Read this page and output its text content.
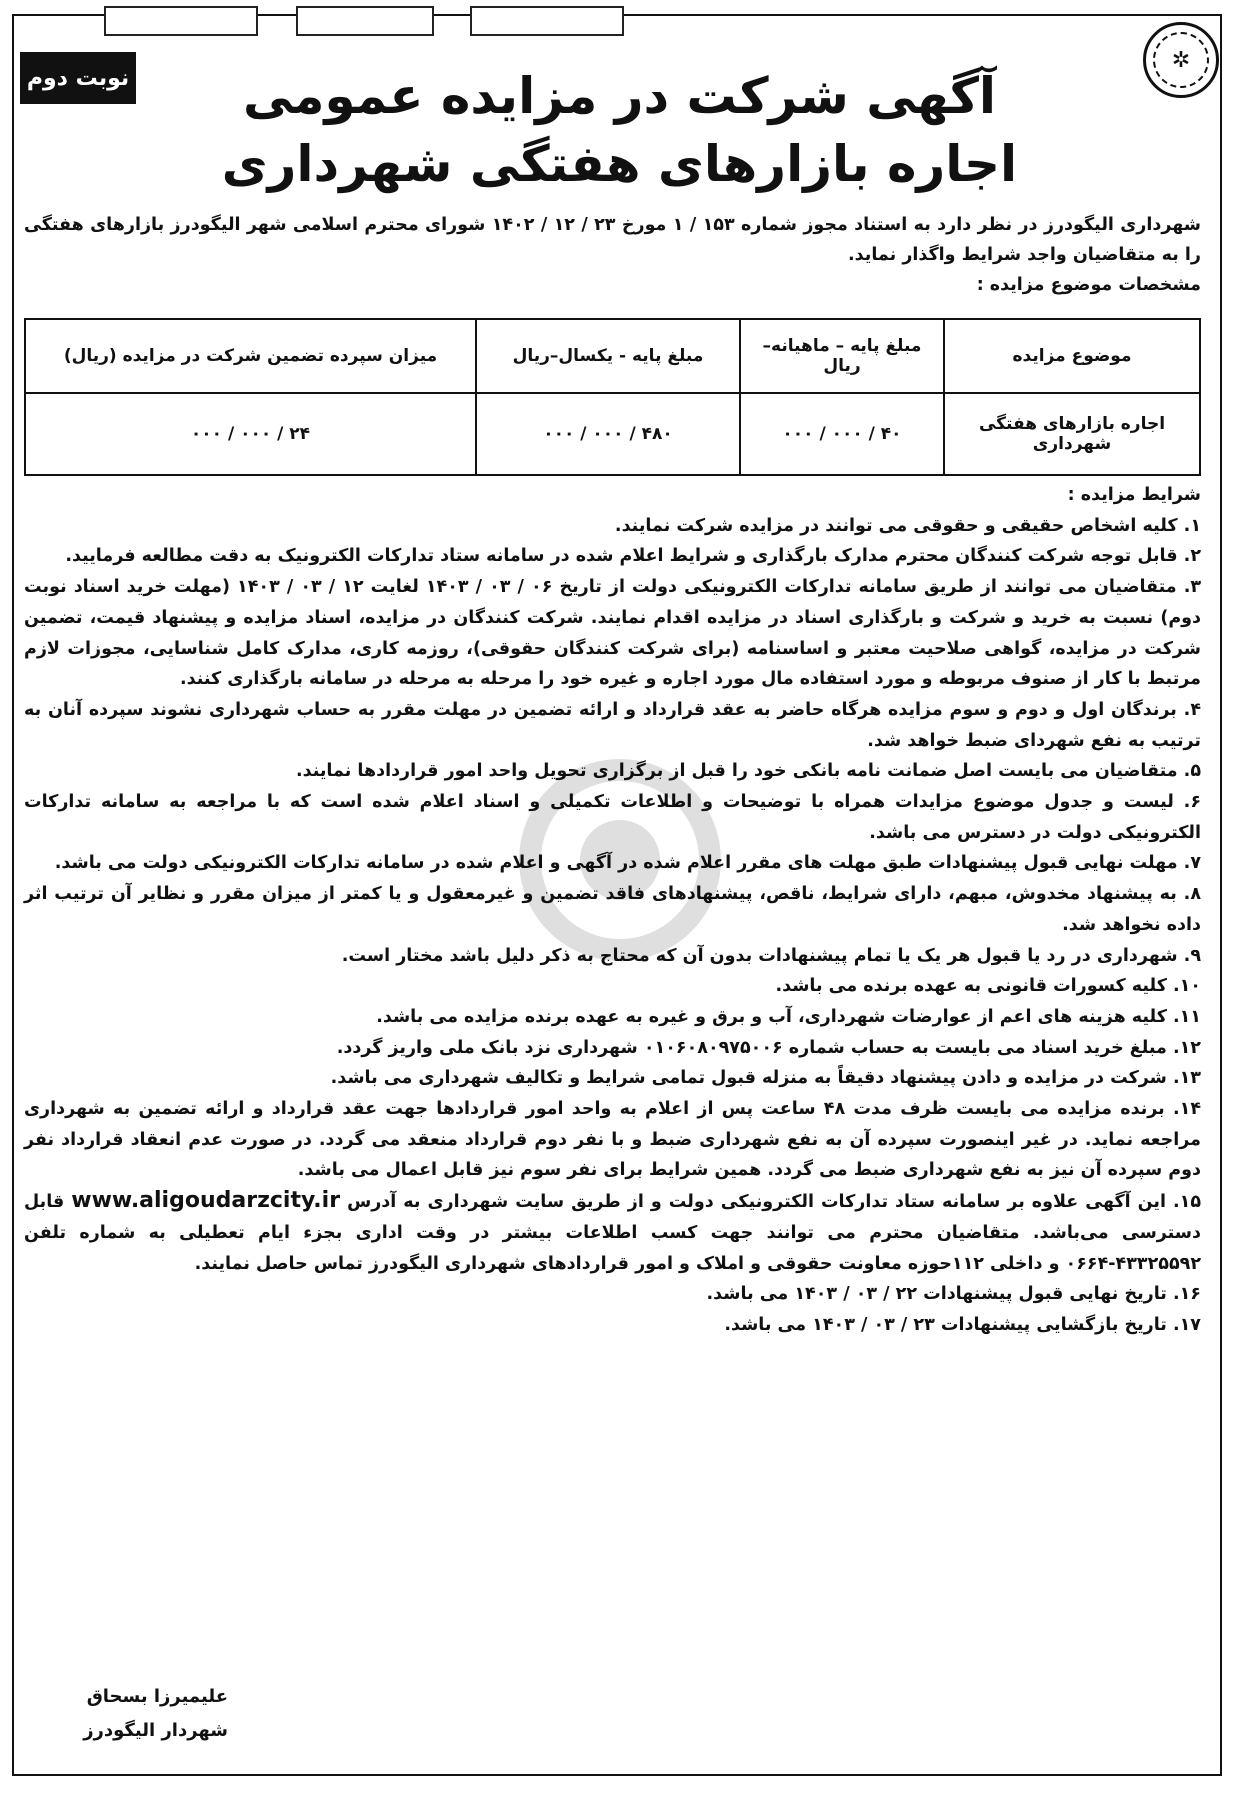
✲
نوبت دوم	آگهی شرکت در مزایده عمومی
اجاره بازارهای هفتگی شهرداری

شهرداری الیگودرز در نظر دارد به استناد مجوز شماره ۱۵۳ / ۱ مورخ ۲۳ / ۱۲ / ۱۴۰۲ شورای محترم اسلامی شهر الیگودرز بازارهای هفتگی را به متقاضیان واجد شرایط واگذار نماید.

مشخصات موضوع مزایده :

موضوع مزایده	مبلغ پایه – ماهیانه– ریال	مبلغ پایه - یکسال–ریال	میزان سپرده تضمین شرکت در مزایده (ریال)
اجاره بازارهای هفتگی شهرداری	۴۰ / ۰۰۰ / ۰۰۰	۴۸۰ / ۰۰۰ / ۰۰۰	۲۴ / ۰۰۰ / ۰۰۰

شرایط مزایده :

۱. کلیه اشخاص حقیقی و حقوقی می توانند در مزایده شرکت نمایند.

۲. قابل توجه شرکت کنندگان محترم مدارک بارگذاری و شرایط اعلام شده در سامانه ستاد تدارکات الکترونیک به دقت مطالعه فرمایید.

۳. متقاضیان می توانند از طریق سامانه تدارکات الکترونیکی دولت از تاریخ ۰۶ / ۰۳ / ۱۴۰۳ لغایت ۱۲ / ۰۳ / ۱۴۰۳ (مهلت خرید اسناد نوبت دوم) نسبت به خرید و شرکت و بارگذاری اسناد در مزایده اقدام نمایند. شرکت کنندگان در مزایده، اسناد مزایده و پیشنهاد قیمت، تضمین شرکت در مزایده، گواهی صلاحیت معتبر و اساسنامه (برای شرکت کنندگان حقوقی)، روزمه کاری، مدارک کامل شناسایی، مجوزات لازم مرتبط با کار از صنوف مربوطه و مورد استفاده مال مورد اجاره و غیره خود را مرحله به مرحله در سامانه بارگذاری کنند.

۴. برندگان اول و دوم و سوم مزایده هرگاه حاضر به عقد قرارداد و ارائه تضمین در مهلت مقرر به حساب شهرداری نشوند سپرده آنان به ترتیب به نفع شهردای ضبط خواهد شد.

۵. متقاضیان می بایست اصل ضمانت نامه بانکی خود را قبل از برگزاری تحویل واحد امور قراردادها نمایند.

۶. لیست و جدول موضوع مزایدات همراه با توضیحات و اطلاعات تکمیلی و اسناد اعلام شده است که با مراجعه به سامانه تدارکات الکترونیکی دولت در دسترس می باشد.

۷. مهلت نهایی قبول پیشنهادات طبق مهلت های مقرر اعلام شده در آگهی و اعلام شده در سامانه تدارکات الکترونیکی دولت می باشد.

۸. به پیشنهاد مخدوش، مبهم، دارای شرایط، ناقص، پیشنهادهای فاقد تضمین و غیرمعقول و یا کمتر از میزان مقرر و نظایر آن ترتیب اثر داده نخواهد شد.

۹. شهرداری در رد یا قبول هر یک یا تمام پیشنهادات بدون آن که محتاج به ذکر دلیل باشد مختار است.

۱۰. کلیه کسورات قانونی به عهده برنده می باشد.

۱۱. کلیه هزینه های اعم از عوارضات شهرداری، آب و برق و غیره به عهده برنده مزایده می باشد.

۱۲. مبلغ خرید اسناد می بایست به حساب شماره ۰۱۰۶۰۸۰۹۷۵۰۰۶ شهرداری نزد بانک ملی واریز گردد.

۱۳. شرکت در مزایده و دادن پیشنهاد دقیقاً به منزله قبول تمامی شرایط و تکالیف شهرداری می باشد.

۱۴. برنده مزایده می بایست ظرف مدت ۴۸ ساعت پس از اعلام به واحد امور قراردادها جهت عقد قرارداد و ارائه تضمین به شهرداری مراجعه نماید. در غیر اینصورت سپرده آن به نفع شهرداری ضبط و با نفر دوم قرارداد منعقد می گردد. در صورت عدم انعقاد قرارداد نفر دوم سپرده آن نیز به نفع شهرداری ضبط می گردد. همین شرایط برای نفر سوم نیز قابل اعمال می باشد.

۱۵. این آگهی علاوه بر سامانه ستاد تدارکات الکترونیکی دولت و از طریق سایت شهرداری به آدرس www.aligoudarzcity.ir قابل دسترسی می‌باشد. متقاضیان محترم می توانند جهت کسب اطلاعات بیشتر در وقت اداری بجزء ایام تعطیلی به شماره تلفن ۴۳۳۲۵۵۹۲-۰۶۶۴ و داخلی ۱۱۲حوزه معاونت حقوقی و املاک و امور قراردادهای شهرداری الیگودرز تماس حاصل نمایند.

۱۶. تاریخ نهایی قبول پیشنهادات ۲۲ / ۰۳ / ۱۴۰۳ می باشد.

۱۷. تاریخ بازگشایی پیشنهادات ۲۳ / ۰۳ / ۱۴۰۳ می باشد.

علیمیرزا بسحاق
شهردار الیگودرز
